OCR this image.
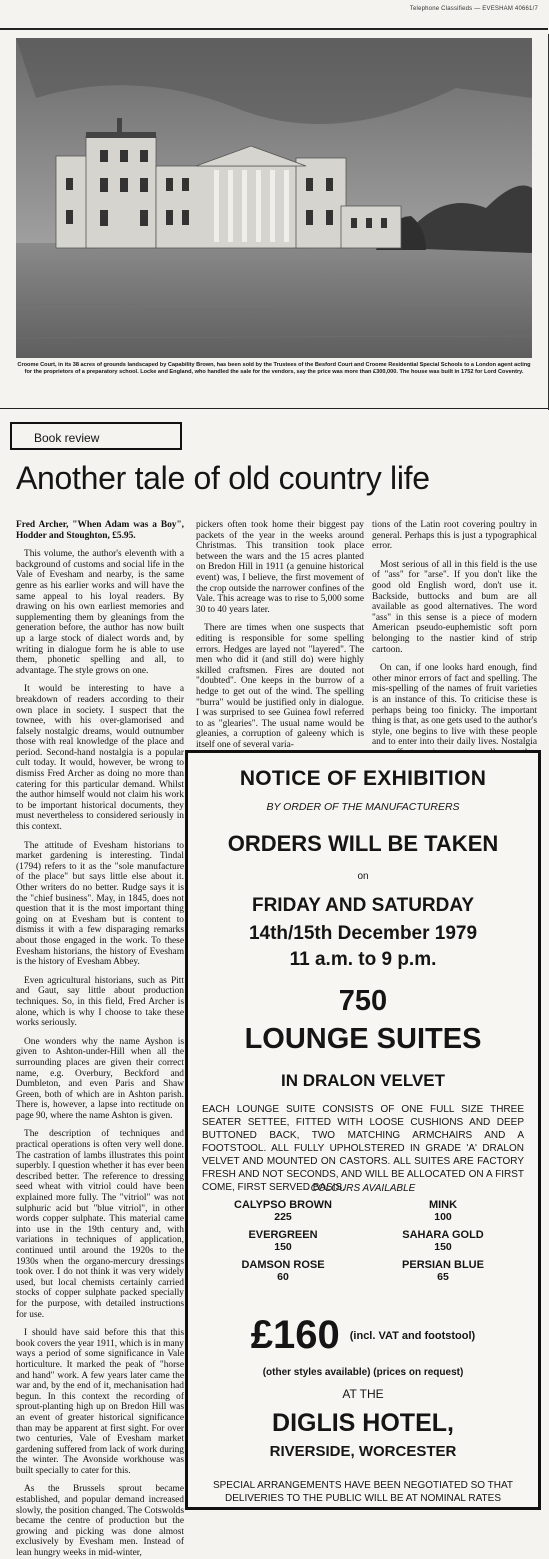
Telephone Classifieds — EVESHAM 40661/7
Croome Court, in its 38 acres of grounds landscaped by Capability Brown, has been sold by the Trustees of the Besford Court and Croome Residential Special Schools to a London agent acting for the proprietors of a preparatory school. Locke and England, who handled the sale for the vendors, say the price was more than £300,000. The house was built in 1752 for Lord Coventry.
Book review
Another tale of old country life

Fred Archer, "When Adam was a Boy", Hodder and Stoughton, £5.95.

This volume, the author's eleventh with a background of customs and social life in the Vale of Evesham and nearby, is the same genre as his earlier works and will have the same appeal to his loyal readers. By drawing on his own earliest memories and supplementing them by gleanings from the generation before, the author has now built up a large stock of dialect words and, by writing in dialogue form he is able to use them, phonetic spelling and all, to advantage. The style grows on one.

It would be interesting to have a breakdown of readers according to their own place in society. I suspect that the townee, with his over-glamorised and falsely nostalgic dreams, would outnumber those with real knowledge of the place and period. Second-hand nostalgia is a popular cult today. It would, however, be wrong to dismiss Fred Archer as doing no more than catering for this particular demand. Whilst the author himself would not claim his work to be important historical documents, they must nevertheless to considered seriously in this context.

The attitude of Evesham historians to market gardening is interesting. Tindal (1794) refers to it as the "sole manufacture of the place" but says little else about it. Other writers do no better. Rudge says it is the "chief business". May, in 1845, does not question that it is the most important thing going on at Evesham but is content to dismiss it with a few disparaging remarks about those engaged in the work. To these Evesham historians, the history of Evesham is the history of Evesham Abbey.

Even agricultural historians, such as Pitt and Gaut, say little about production techniques. So, in this field, Fred Archer is alone, which is why I choose to take these works seriously.

One wonders why the name Ayshon is given to Ashton-under-Hill when all the surrounding places are given their correct name, e.g. Overbury, Beckford and Dumbleton, and even Paris and Shaw Green, both of which are in Ashton parish. There is, however, a lapse into rectitude on page 90, where the name Ashton is given.

The description of techniques and practical operations is often very well done. The castration of lambs illustrates this point superbly. I question whether it has ever been described better. The reference to dressing seed wheat with vitriol could have been explained more fully. The "vitriol" was not sulphuric acid but "blue vitriol", in other words copper sulphate. This material came into use in the 19th century and, with variations in techniques of application, continued until around the 1920s to the 1930s when the organo-mercury dressings took over. I do not think it was very widely used, but local chemists certainly carried stocks of copper sulphate packed specially for the purpose, with detailed instructions for use.

I should have said before this that this book covers the year 1911, which is in many ways a period of some significance in Vale horticulture. It marked the peak of "horse and hand" work. A few years later came the war and, by the end of it, mechanisation had begun. In this context the recording of sprout-planting high up on Bredon Hill was an event of greater historical significance than may be apparent at first sight. For over two centuries, Vale of Evesham market gardening suffered from lack of work during the winter. The Avonside workhouse was built specially to cater for this.

As the Brussels sprout became established, and popular demand increased slowly, the position changed. The Cotswolds became the centre of production but the growing and picking was done almost exclusively by Evesham men. Instead of lean hungry weeks in mid-winter,

pickers often took home their biggest pay packets of the year in the weeks around Christmas. This transition took place between the wars and the 15 acres planted on Bredon Hill in 1911 (a genuine historical event) was, I believe, the first movement of the crop outside the narrower confines of the Vale. This acreage was to rise to 5,000 some 30 to 40 years later.

There are times when one suspects that editing is responsible for some spelling errors. Hedges are layed not "layered". The men who did it (and still do) were highly skilled craftsmen. Fires are douted not "doubted". One keeps in the burrow of a hedge to get out of the wind. The spelling "burra" would be justified only in dialogue. I was surprised to see Guinea fowl referred to as "glearies". The usual name would be gleanies, a corruption of galeeny which is itself one of several varia-

tions of the Latin root covering poultry in general. Perhaps this is just a typographical error.

Most serious of all in this field is the use of "ass" for "arse". If you don't like the good old English word, don't use it. Backside, buttocks and bum are all available as good alternatives. The word "ass" in this sense is a piece of modern American pseudo-euphemistic soft porn belonging to the nastier kind of strip cartoon.

On can, if one looks hard enough, find other minor errors of fact and spelling. The mis-spelling of the names of fruit varieties is an instance of this. To criticise these is perhaps being too finicky. The important thing is that, as one gets used to the author's style, one begins to live with these people and to enter into their daily lives. Nostalgia

NOTICE OF EXHIBITION
BY ORDER OF THE MANUFACTURERS
ORDERS WILL BE TAKEN
on
FRIDAY AND SATURDAY
14th/15th December 1979
11 a.m. to 9 p.m.
750
LOUNGE SUITES
IN DRALON VELVET
EACH LOUNGE SUITE CONSISTS OF ONE FULL SIZE THREE SEATER SETTEE, FITTED WITH LOOSE CUSHIONS AND DEEP BUTTONED BACK, TWO MATCHING ARMCHAIRS AND A FOOTSTOOL. ALL FULLY UPHOLSTERED IN GRADE 'A' DRALON VELVET AND MOUNTED ON CASTORS. ALL SUITES ARE FACTORY FRESH AND NOT SECONDS, AND WILL BE ALLOCATED ON A FIRST COME, FIRST SERVED BASIS.
COLOURS AVAILABLE
CALYPSO BROWN
225
MINK
100
EVERGREEN
150
SAHARA GOLD
150
DAMSON ROSE
60
PERSIAN BLUE
65
£160 (incl. VAT and footstool)
(other styles available) (prices on request)
AT THE
DIGLIS HOTEL,
RIVERSIDE, WORCESTER
SPECIAL ARRANGEMENTS HAVE BEEN NEGOTIATED SO THAT DELIVERIES TO THE PUBLIC WILL BE AT NOMINAL RATES
